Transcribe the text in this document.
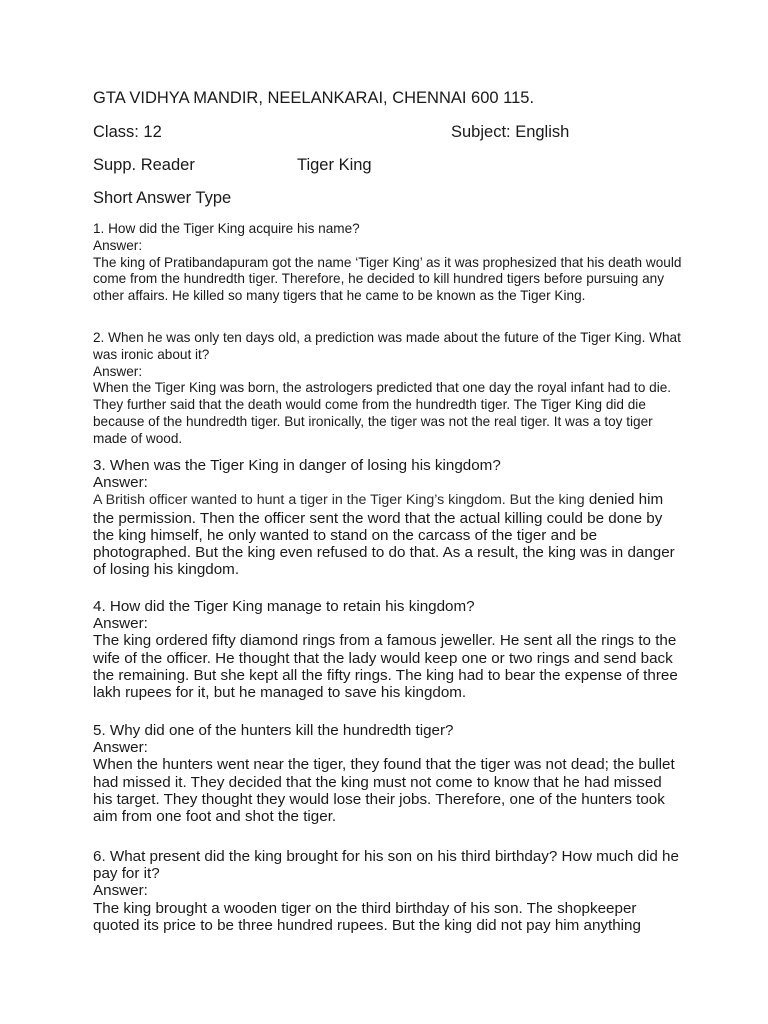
GTA VIDHYA MANDIR, NEELANKARAI, CHENNAI 600 115.
Class: 12	Subject: English
Supp. Reader	Tiger King
Short Answer Type
1. How did the Tiger King acquire his name?
Answer:
The king of Pratibandapuram got the name ‘Tiger King’ as it was prophesized that his death would come from the hundredth tiger. Therefore, he decided to kill hundred tigers before pursuing any other affairs. He killed so many tigers that he came to be known as the Tiger King.
2. When he was only ten days old, a prediction was made about the future of the Tiger King. What was ironic about it?
Answer:
When the Tiger King was born, the astrologers predicted that one day the royal infant had to die. They further said that the death would come from the hundredth tiger. The Tiger King did die because of the hundredth tiger. But ironically, the tiger was not the real tiger. It was a toy tiger made of wood.
3. When was the Tiger King in danger of losing his kingdom?
Answer:
A British officer wanted to hunt a tiger in the Tiger King’s kingdom. But the king denied him the permission. Then the officer sent the word that the actual killing could be done by the king himself, he only wanted to stand on the carcass of the tiger and be photographed. But the king even refused to do that. As a result, the king was in danger of losing his kingdom.
4. How did the Tiger King manage to retain his kingdom?
Answer:
The king ordered fifty diamond rings from a famous jeweller. He sent all the rings to the wife of the officer. He thought that the lady would keep one or two rings and send back the remaining. But she kept all the fifty rings. The king had to bear the expense of three lakh rupees for it, but he managed to save his kingdom.
5. Why did one of the hunters kill the hundredth tiger?
Answer:
When the hunters went near the tiger, they found that the tiger was not dead; the bullet had missed it. They decided that the king must not come to know that he had missed his target. They thought they would lose their jobs. Therefore, one of the hunters took aim from one foot and shot the tiger.
6. What present did the king brought for his son on his third birthday? How much did he pay for it?
Answer:
The king brought a wooden tiger on the third birthday of his son. The shopkeeper quoted its price to be three hundred rupees. But the king did not pay him anything
